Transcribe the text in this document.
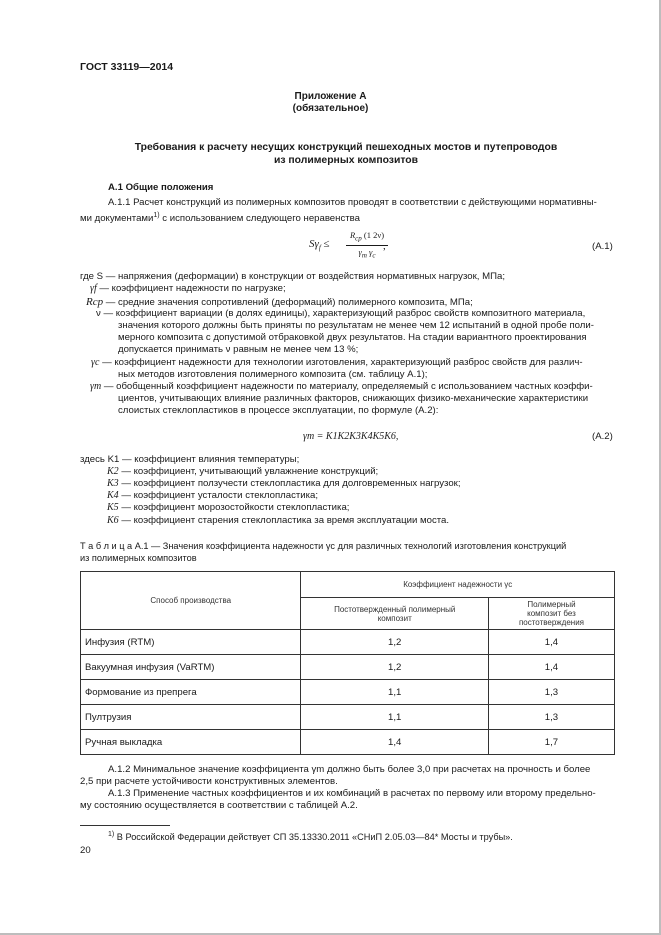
ГОСТ 33119—2014
Приложение А
(обязательное)
Требования к расчету несущих конструкций пешеходных мостов и путепроводов
из полимерных композитов
А.1 Общие положения
А.1.1 Расчет конструкций из полимерных композитов проводят в соответствии с действующими нормативны-
ми документами$^{1)}$ с использованием следующего неравенства
$S\gamma_f$ ≤
$R_{ср}$ (1 2ν)
$\gamma_m$ $\gamma_c$
,	(А.1)
где S — напряжения (деформации) в конструкции от воздействия нормативных нагрузок, МПа;
γf — коэффициент надежности по нагрузке;
Rср — средние значения сопротивлений (деформаций) полимерного композита, МПа;
ν — коэффициент вариации (в долях единицы), характеризующий разброс свойств композитного материала,
значения которого должны быть приняты по результатам не менее чем 12 испытаний в одной пробе поли-
мерного композита с допустимой отбраковкой двух результатов. На стадии вариантного проектирования
допускается принимать ν равным не менее чем 13 %;
γc — коэффициент надежности для технологии изготовления, характеризующий разброс свойств для различ-
ных методов изготовления полимерного композита (см. таблицу А.1);
γm — обобщенный коэффициент надежности по материалу, определяемый с использованием частных коэффи-
циентов, учитывающих влияние различных факторов, снижающих физико-механические характеристики
слоистых стеклопластиков в процессе эксплуатации, по формуле (А.2):
γm = K1K2K3K4K5K6,	(А.2)
здесь K1 — коэффициент влияния температуры;
K2 — коэффициент, учитывающий увлажнение конструкций;
K3 — коэффициент ползучести стеклопластика для долговременных нагрузок;
K4 — коэффициент усталости стеклопластика;
K5 — коэффициент морозостойкости стеклопластика;
K6 — коэффициент старения стеклопластика за время эксплуатации моста.
Т а б л и ц а А.1 — Значения коэффициента надежности γc для различных технологий изготовления конструкций
из полимерных композитов
Способ производства	Коэффициент надежности γc	
	Постотвержденный полимерный композит	Полимерный композит без постотверждения
Инфузия (RTM)	1,2	1,4
Вакуумная инфузия (VaRTM)	1,2	1,4
Формование из препрега	1,1	1,3
Пултрузия	1,1	1,3
Ручная выкладка	1,4	1,7
А.1.2 Минимальное значение коэффициента γm должно быть более 3,0 при расчетах на прочность и более
2,5 при расчете устойчивости конструктивных элементов.
А.1.3 Применение частных коэффициентов и их комбинаций в расчетах по первому или второму предельно-
му состоянию осуществляется в соответствии с таблицей А.2.
$^{1)}$ В Российской Федерации действует СП 35.13330.2011 «СНиП 2.05.03—84* Мосты и трубы».
20
